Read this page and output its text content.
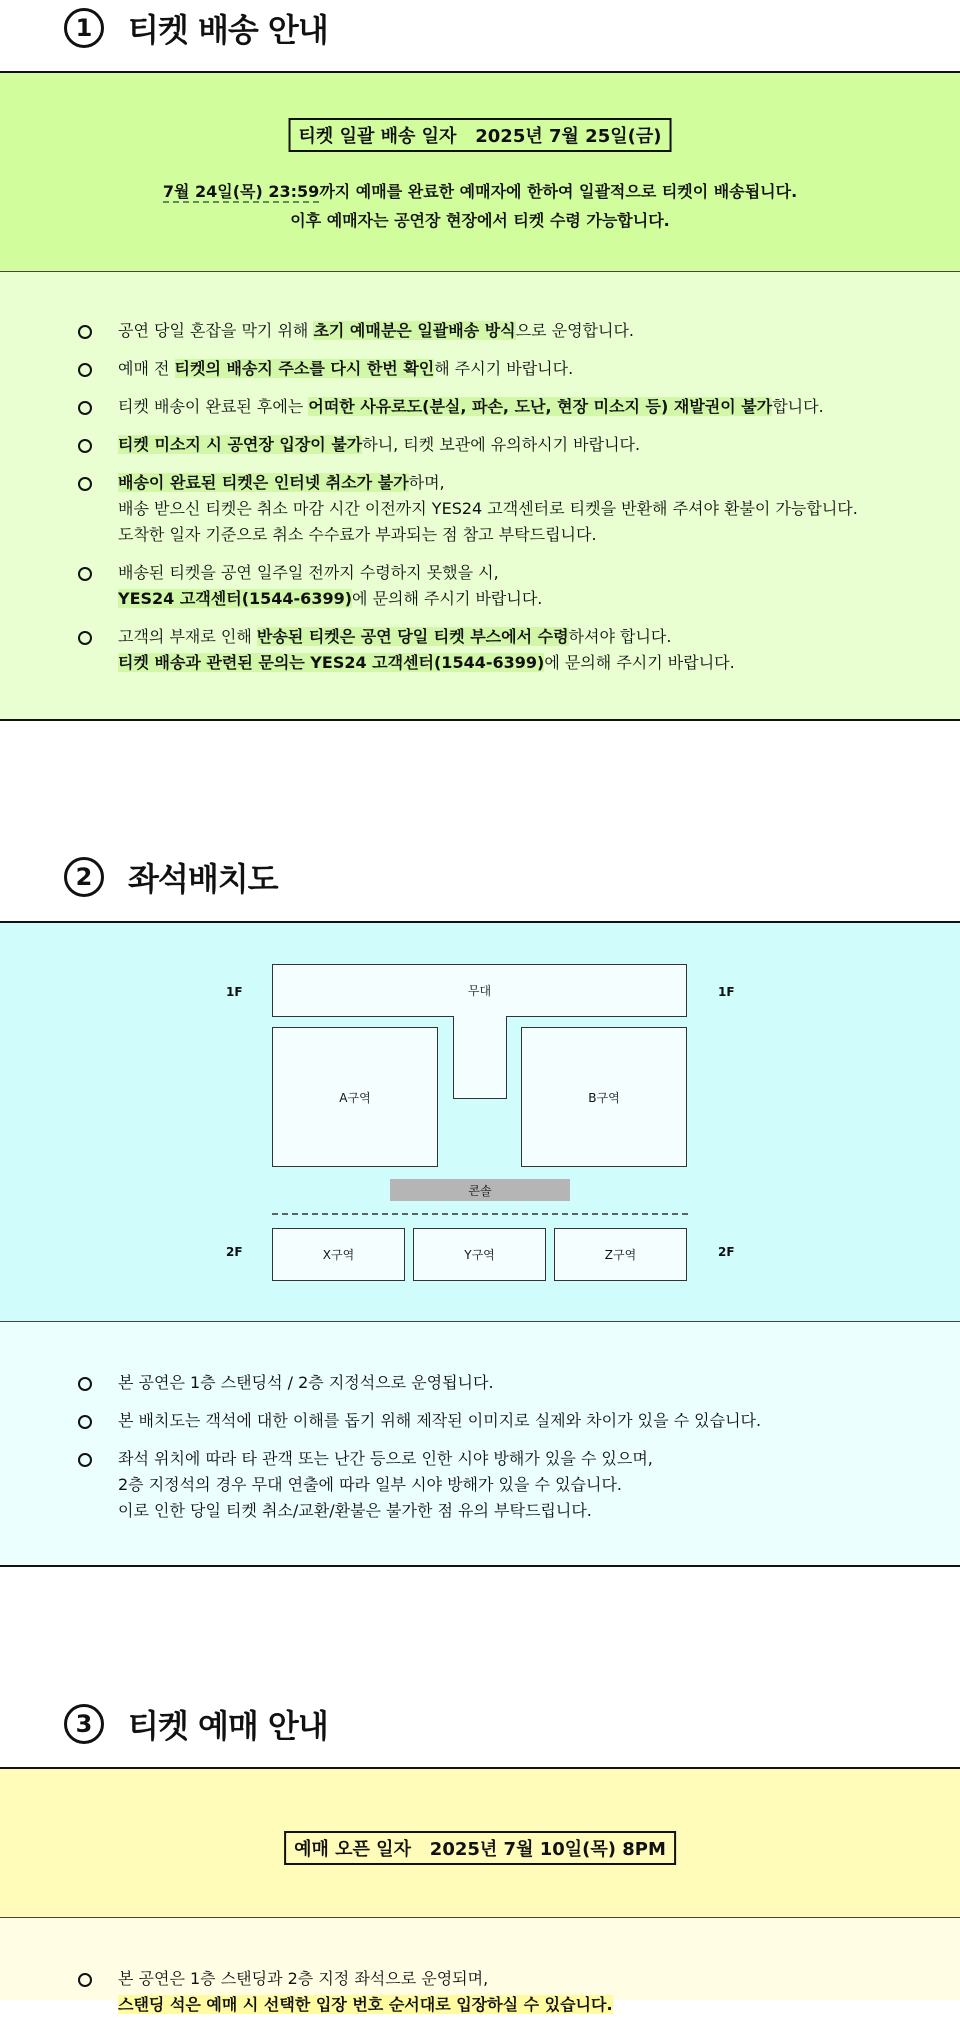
1	티켓 배송 안내
티켓 일괄 배송 일자 2025년 7월 25일(금)
7월 24일(목) 23:59까지 예매를 완료한 예매자에 한하여 일괄적으로 티켓이 배송됩니다.
이후 예매자는 공연장 현장에서 티켓 수령 가능합니다.
공연 당일 혼잡을 막기 위해 초기 예매분은 일괄배송 방식으로 운영합니다.
예매 전 티켓의 배송지 주소를 다시 한번 확인해 주시기 바랍니다.
티켓 배송이 완료된 후에는 어떠한 사유로도(분실, 파손, 도난, 현장 미소지 등) 재발권이 불가합니다.
티켓 미소지 시 공연장 입장이 불가하니, 티켓 보관에 유의하시기 바랍니다.
배송이 완료된 티켓은 인터넷 취소가 불가하며,
배송 받으신 티켓은 취소 마감 시간 이전까지 YES24 고객센터로 티켓을 반환해 주셔야 환불이 가능합니다.
도착한 일자 기준으로 취소 수수료가 부과되는 점 참고 부탁드립니다.
배송된 티켓을 공연 일주일 전까지 수령하지 못했을 시,
YES24 고객센터(1544-6399)에 문의해 주시기 바랍니다.
고객의 부재로 인해 반송된 티켓은 공연 당일 티켓 부스에서 수령하셔야 합니다.
티켓 배송과 관련된 문의는 YES24 고객센터(1544-6399)에 문의해 주시기 바랍니다.
2	좌석배치도
1F	1F
무대
A구역	B구역
콘솔
2F	2F
X구역	Y구역	Z구역
본 공연은 1층 스탠딩석 / 2층 지정석으로 운영됩니다.
본 배치도는 객석에 대한 이해를 돕기 위해 제작된 이미지로 실제와 차이가 있을 수 있습니다.
좌석 위치에 따라 타 관객 또는 난간 등으로 인한 시야 방해가 있을 수 있으며,
2층 지정석의 경우 무대 연출에 따라 일부 시야 방해가 있을 수 있습니다.
이로 인한 당일 티켓 취소/교환/환불은 불가한 점 유의 부탁드립니다.
3	티켓 예매 안내
예매 오픈 일자 2025년 7월 10일(목) 8PM
본 공연은 1층 스탠딩과 2층 지정 좌석으로 운영되며,
스탠딩 석은 예매 시 선택한 입장 번호 순서대로 입장하실 수 있습니다.
